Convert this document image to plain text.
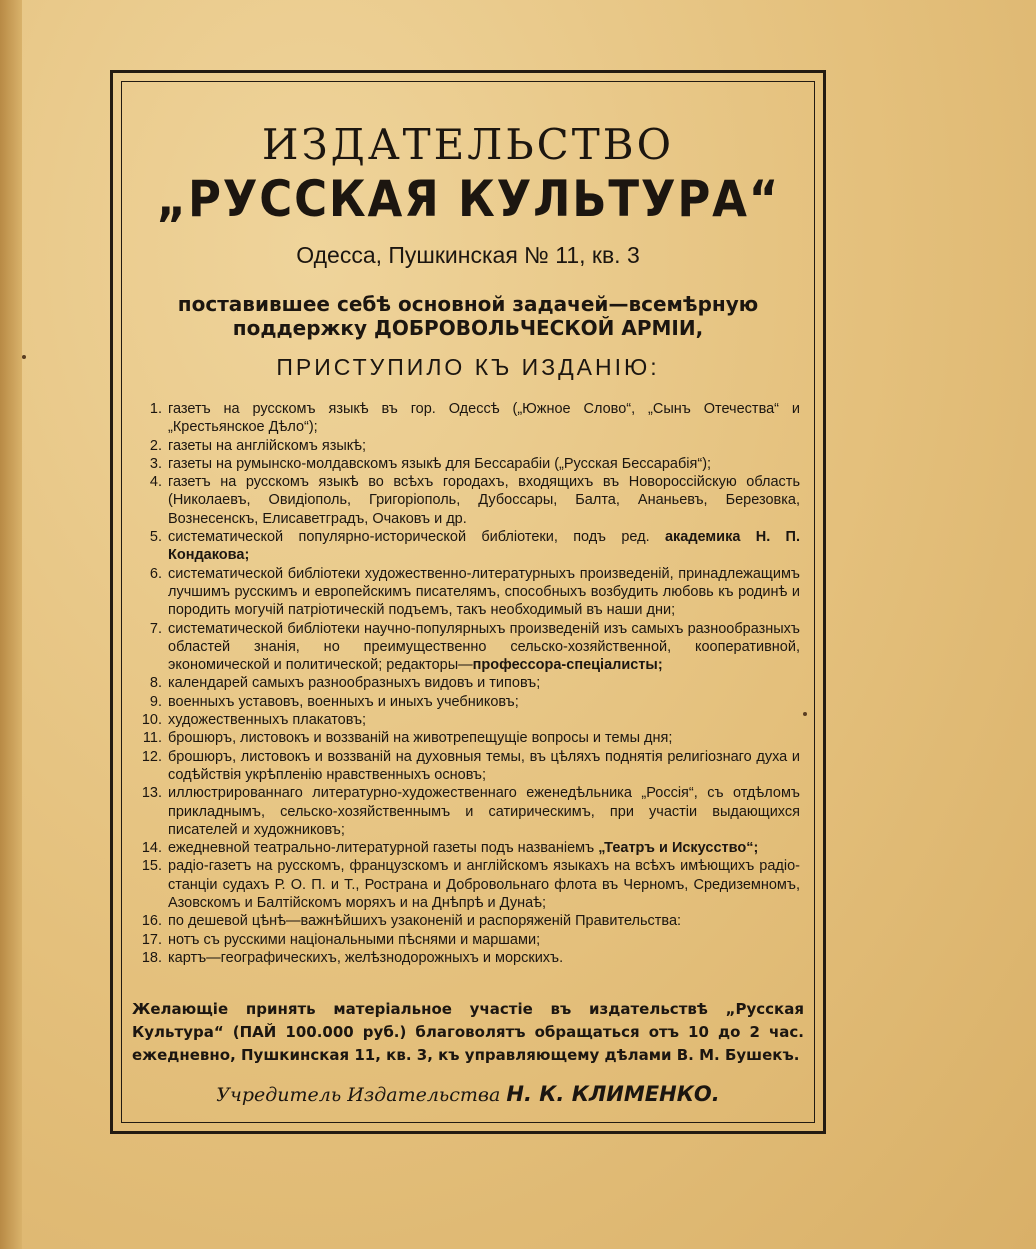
ИЗДАТЕЛЬСТВО
„РУССКАЯ КУЛЬТУРА“
Одесса, Пушкинская № 11, кв. 3
поставившее себѣ основной задачей—всемѣрную
поддержку ДОБРОВОЛЬЧЕСКОЙ АРМІИ,
ПРИСТУПИЛО КЪ ИЗДАНІЮ:
1. газетъ на русскомъ языкѣ въ гор. Одессѣ („Южное Слово“, „Сынъ Отечества“ и „Крестьянское Дѣло“);
2. газеты на англійскомъ языкѣ;
3. газеты на румынско-молдавскомъ языкѣ для Бессарабіи („Русская Бессарабія“);
4. газетъ на русскомъ языкѣ во всѣхъ городахъ, входящихъ въ Новороссійскую область (Николаевъ, Овидіополь, Григоріополь, Дубоссары, Балта, Ананьевъ, Березовка, Вознесенскъ, Елисаветградъ, Очаковъ и др.
5. систематической популярно-исторической библіотеки, подъ ред. академика Н. П. Кондакова;
6. систематической библіотеки художественно-литературныхъ произведеній, принадлежащимъ лучшимъ русскимъ и европейскимъ писателямъ, способныхъ возбудить любовь къ родинѣ и породить могучій патріотическій подъемъ, такъ необходимый въ наши дни;
7. систематической библіотеки научно-популярныхъ произведеній изъ самыхъ разнообразныхъ областей знанія, но преимущественно сельско-хозяйственной, кооперативной, экономической и политической; редакторы—профессора-спеціалисты;
8. календарей самыхъ разнообразныхъ видовъ и типовъ;
9. военныхъ уставовъ, военныхъ и иныхъ учебниковъ;
10. художественныхъ плакатовъ;
11. брошюръ, листовокъ и воззваній на животрепещущіе вопросы и темы дня;
12. брошюръ, листовокъ и воззваній на духовныя темы, въ цѣляхъ поднятія религіознаго духа и содѣйствія укрѣпленію нравственныхъ основъ;
13. иллюстрированнаго литературно-художественнаго еженедѣльника „Россія“, съ отдѣломъ прикладнымъ, сельско-хозяйственнымъ и сатирическимъ, при участіи выдающихся писателей и художниковъ;
14. ежедневной театрально-литературной газеты подъ названіемъ „Театръ и Искусство“;
15. радіо-газетъ на русскомъ, французскомъ и англійскомъ языкахъ на всѣхъ имѣющихъ радіо-станціи судахъ Р. О. П. и Т., Ространа и Добровольнаго флота въ Черномъ, Средиземномъ, Азовскомъ и Балтійскомъ моряхъ и на Днѣпрѣ и Дунаѣ;
16. по дешевой цѣнѣ—важнѣйшихъ узаконеній и распоряженій Правительства:
17. нотъ съ русскими національными пѣснями и маршами;
18. картъ—географическихъ, желѣзнодорожныхъ и морскихъ.
Желающіе принять матеріальное участіе въ издательствѣ „Русская Культура“ (ПАЙ 100.000 руб.) благоволятъ обращаться отъ 10 до 2 час. ежедневно, Пушкинская 11, кв. 3, къ управляющему дѣлами В. М. Бушекъ.
Учредитель Издательства Н. К. КЛИМЕНКО.
